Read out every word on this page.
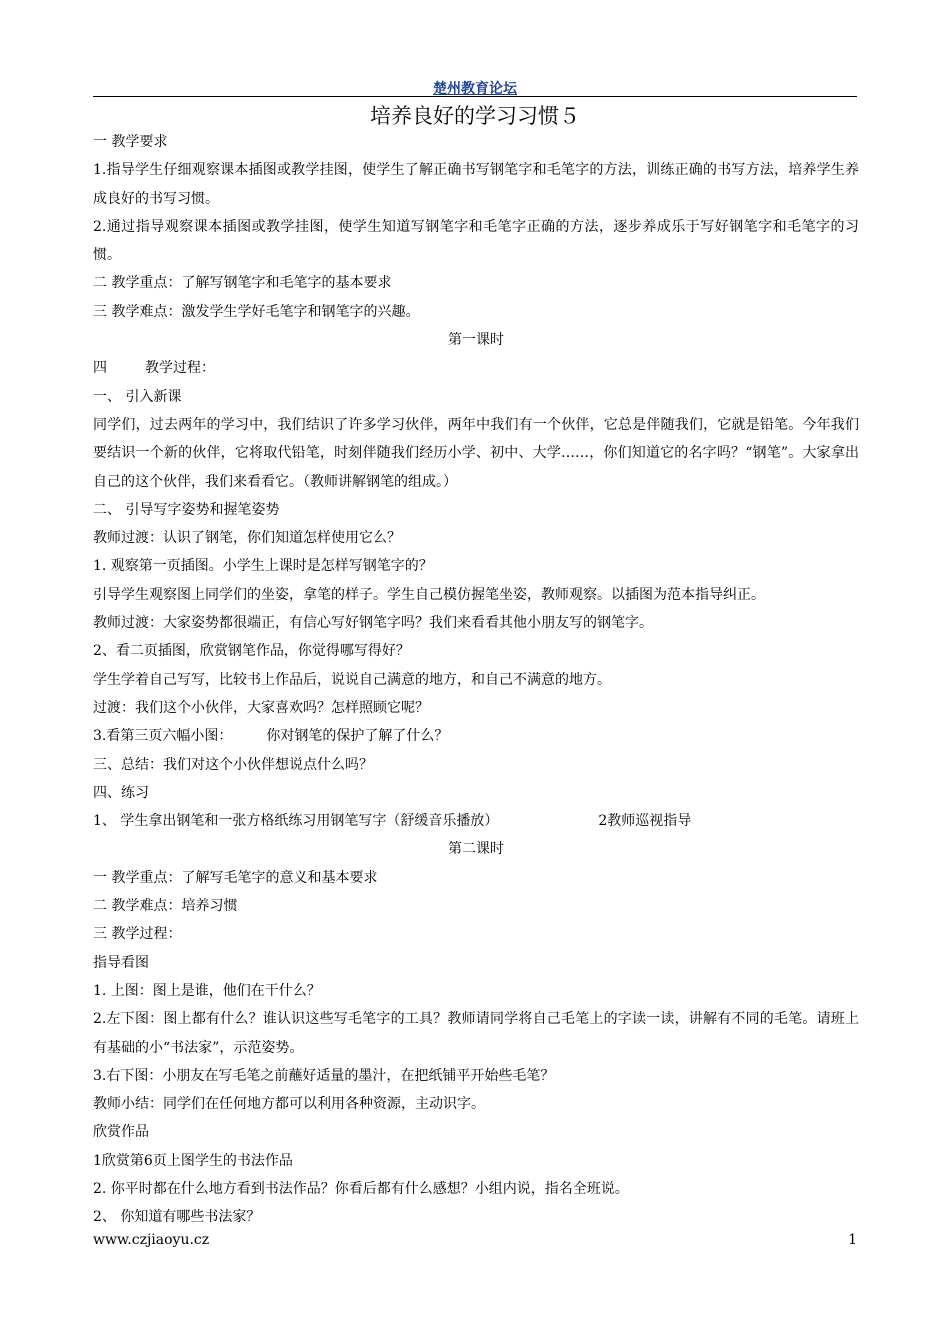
楚州教育论坛
培养良好的学习习惯５

一 教学要求

1.指导学生仔细观察课本插图或教学挂图，使学生了解正确书写钢笔字和毛笔字的方法，训练正确的书写方法，培养学生养成良好的书写习惯。

2.通过指导观察课本插图或教学挂图，使学生知道写钢笔字和毛笔字正确的方法，逐步养成乐于写好钢笔字和毛笔字的习惯。

二 教学重点：了解写钢笔字和毛笔字的基本要求

三 教学难点：激发学生学好毛笔字和钢笔字的兴趣。

第一课时

四	教学过程：

一、 引入新课

同学们，过去两年的学习中，我们结识了许多学习伙伴，两年中我们有一个伙伴，它总是伴随我们，它就是铅笔。今年我们要结识一个新的伙伴，它将取代铅笔，时刻伴随我们经历小学、初中、大学……，你们知道它的名字吗？“钢笔”。大家拿出自己的这个伙伴，我们来看看它。（教师讲解钢笔的组成。）

二、 引导写字姿势和握笔姿势

教师过渡：认识了钢笔，你们知道怎样使用它么？

1. 观察第一页插图。小学生上课时是怎样写钢笔字的？

引导学生观察图上同学们的坐姿，拿笔的样子。学生自己模仿握笔坐姿，教师观察。以插图为范本指导纠正。

教师过渡：大家姿势都很端正，有信心写好钢笔字吗？我们来看看其他小朋友写的钢笔字。

2、看二页插图，欣赏钢笔作品，你觉得哪写得好？

学生学着自己写写，比较书上作品后，说说自己满意的地方，和自己不满意的地方。

过渡：我们这个小伙伴，大家喜欢吗？怎样照顾它呢？

3.看第三页六幅小图： 你对钢笔的保护了解了什么？

三、总结：我们对这个小伙伴想说点什么吗？

四、练习

1、 学生拿出钢笔和一张方格纸练习用钢笔写字（舒缓音乐播放）	2教师巡视指导

第二课时

一 教学重点：了解写毛笔字的意义和基本要求

二 教学难点：培养习惯

三 教学过程：

指导看图

1. 上图：图上是谁，他们在干什么？

2.左下图：图上都有什么？谁认识这些写毛笔字的工具？教师请同学将自己毛笔上的字读一读，讲解有不同的毛笔。请班上有基础的小“书法家”，示范姿势。

3.右下图：小朋友在写毛笔之前蘸好适量的墨汁，在把纸铺平开始些毛笔？

教师小结：同学们在任何地方都可以利用各种资源，主动识字。

欣赏作品

1欣赏第6页上图学生的书法作品

2. 你平时都在什么地方看到书法作品？你看后都有什么感想？小组内说，指名全班说。

2、 你知道有哪些书法家？

www.czjiaoyu.cz	1
